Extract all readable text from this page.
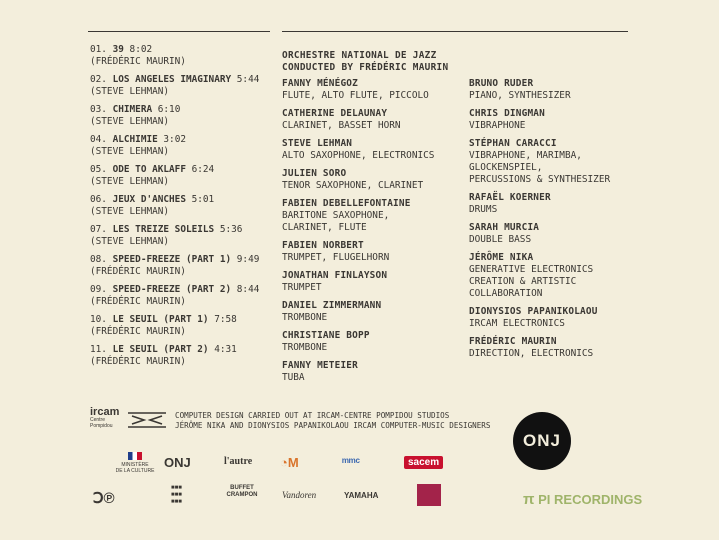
01. 39 8:02
(FRÉDÉRIC MAURIN)
02. LOS ANGELES IMAGINARY 5:44
(STEVE LEHMAN)
03. CHIMERA 6:10
(STEVE LEHMAN)
04. ALCHIMIE 3:02
(STEVE LEHMAN)
05. ODE TO AKLAFF 6:24
(STEVE LEHMAN)
06. JEUX D'ANCHES 5:01
(STEVE LEHMAN)
07. LES TREIZE SOLEILS 5:36
(STEVE LEHMAN)
08. SPEED-FREEZE (PART 1) 9:49
(FRÉDÉRIC MAURIN)
09. SPEED-FREEZE (PART 2) 8:44
(FRÉDÉRIC MAURIN)
10. LE SEUIL (PART 1) 7:58
(FRÉDÉRIC MAURIN)
11. LE SEUIL (PART 2) 4:31
(FRÉDÉRIC MAURIN)
ORCHESTRE NATIONAL DE JAZZ
CONDUCTED BY FRÉDÉRIC MAURIN
FANNY MÉNÉGOZ
FLUTE, ALTO FLUTE, PICCOLO
CATHERINE DELAUNAY
CLARINET, BASSET HORN
STEVE LEHMAN
ALTO SAXOPHONE, ELECTRONICS
JULIEN SORO
TENOR SAXOPHONE, CLARINET
FABIEN DEBELLEFONTAINE
BARITONE SAXOPHONE,
CLARINET, FLUTE
FABIEN NORBERT
TRUMPET, FLUGELHORN
JONATHAN FINLAYSON
TRUMPET
DANIEL ZIMMERMANN
TROMBONE
CHRISTIANE BOPP
TROMBONE
FANNY METEIER
TUBA
BRUNO RUDER
PIANO, SYNTHESIZER
CHRIS DINGMAN
VIBRAPHONE
STÉPHAN CARACCI
VIBRAPHONE, MARIMBA,
GLOCKENSPIEL,
PERCUSSIONS & SYNTHESIZER
RAFAËL KOERNER
DRUMS
SARAH MURCIA
DOUBLE BASS
JÉRÔME NIKA
GENERATIVE ELECTRONICS
CREATION & ARTISTIC
COLLABORATION
DIONYSIOS PAPANIKOLAOU
IRCAM ELECTRONICS
FRÉDÉRIC MAURIN
DIRECTION, ELECTRONICS
ircam
Centre
Pompidou
COMPUTER DESIGN CARRIED OUT AT IRCAM-CENTRE POMPIDOU STUDIOS
JÉRÔME NIKA AND DIONYSIOS PAPANIKOLAOU IRCAM COMPUTER-MUSIC DESIGNERS
ONJ
MINISTÈRE
DE LA CULTURE
ONJ	l'autre ◔M	ᵐᵐᶜ	sacem
Ↄ℗
■■■
■■■
■■■
BUFFET
CRAMPON	Vandoren	YAMAHA	π PI RECORDINGS
